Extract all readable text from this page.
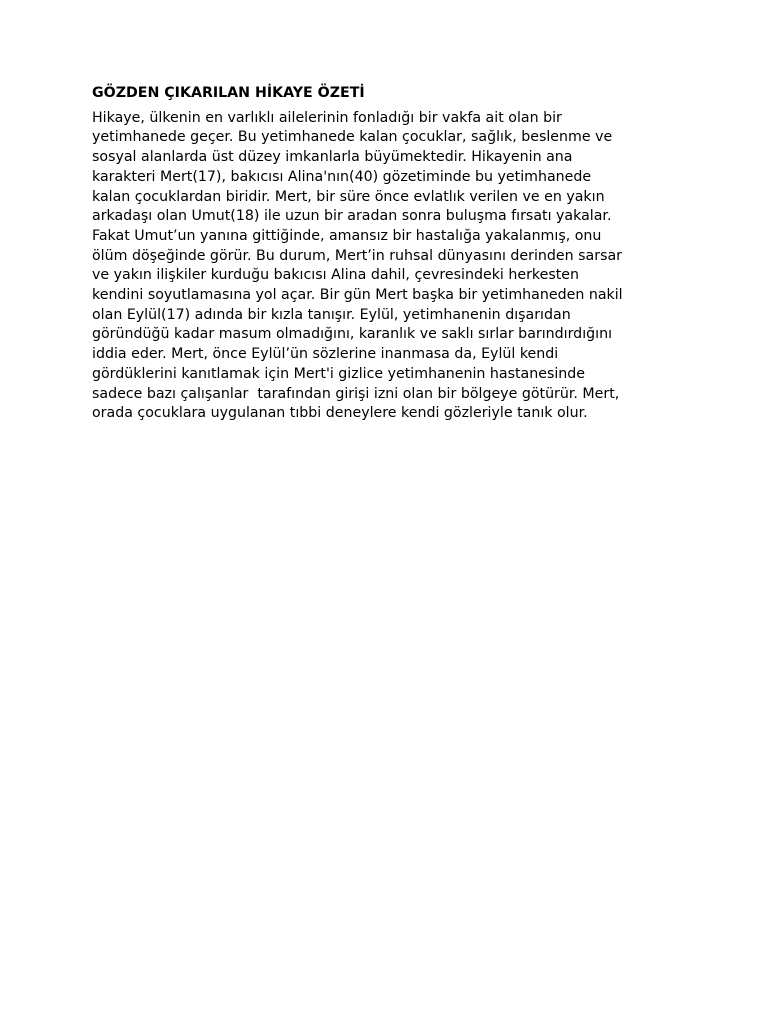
GÖZDEN ÇIKARILAN HİKAYE ÖZETİ

Hikaye, ülkenin en varlıklı ailelerinin fonladığı bir vakfa ait olan bir
yetimhanede geçer. Bu yetimhanede kalan çocuklar, sağlık, beslenme ve
sosyal alanlarda üst düzey imkanlarla büyümektedir. Hikayenin ana
karakteri Mert(17), bakıcısı Alina'nın(40) gözetiminde bu yetimhanede
kalan çocuklardan biridir. Mert, bir süre önce evlatlık verilen ve en yakın
arkadaşı olan Umut(18) ile uzun bir aradan sonra buluşma fırsatı yakalar.
Fakat Umut’un yanına gittiğinde, amansız bir hastalığa yakalanmış, onu
ölüm döşeğinde görür. Bu durum, Mert’in ruhsal dünyasını derinden sarsar
ve yakın ilişkiler kurduğu bakıcısı Alina dahil, çevresindeki herkesten
kendini soyutlamasına yol açar. Bir gün Mert başka bir yetimhaneden nakil
olan Eylül(17) adında bir kızla tanışır. Eylül, yetimhanenin dışarıdan
göründüğü kadar masum olmadığını, karanlık ve saklı sırlar barındırdığını
iddia eder. Mert, önce Eylül’ün sözlerine inanmasa da, Eylül kendi
gördüklerini kanıtlamak için Mert'i gizlice yetimhanenin hastanesinde
sadece bazı çalışanlar  tarafından girişi izni olan bir bölgeye götürür. Mert,
orada çocuklara uygulanan tıbbi deneylere kendi gözleriyle tanık olur.
